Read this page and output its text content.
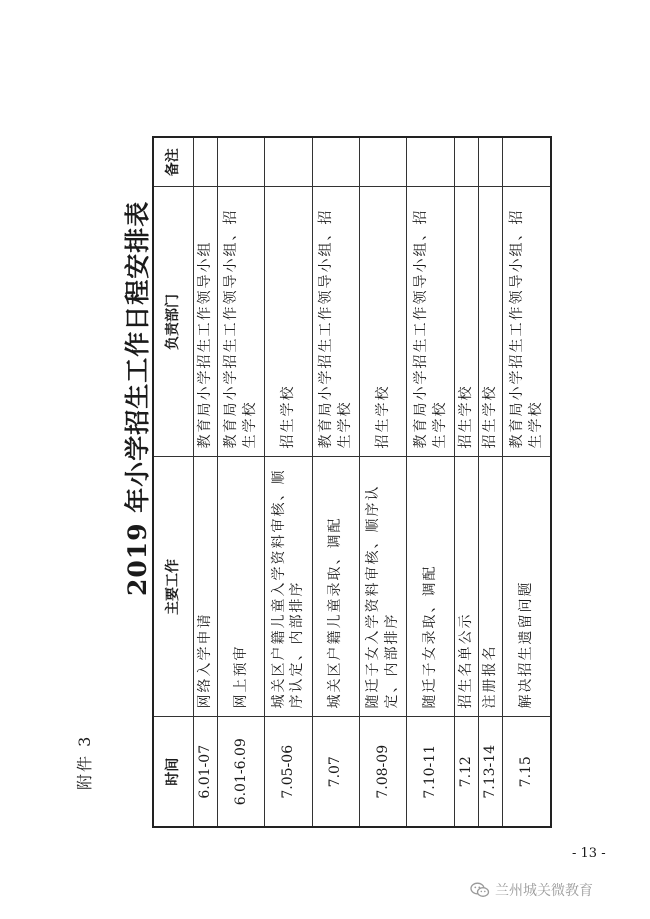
附件 3
2019 年小学招生工作日程安排表
时间	主要工作	负责部门	备注
6.01-07	网络入学申请	教育局小学招生工作领导小组	
6.01-6.09	网上预审	教育局小学招生工作领导小组、招生学校	
7.05-06	城关区户籍儿童入学资料审核、顺序认定、内部排序	招生学校	
7.07	城关区户籍儿童录取、调配	教育局小学招生工作领导小组、招生学校	
7.08-09	随迁子女入学资料审核、顺序认定、内部排序	招生学校	
7.10-11	随迁子女录取、调配	教育局小学招生工作领导小组、招生学校	
7.12	招生名单公示	招生学校	
7.13-14	注册报名	招生学校	
7.15	解决招生遗留问题	教育局小学招生工作领导小组、招生学校	
- 13 -
兰州城关微教育
